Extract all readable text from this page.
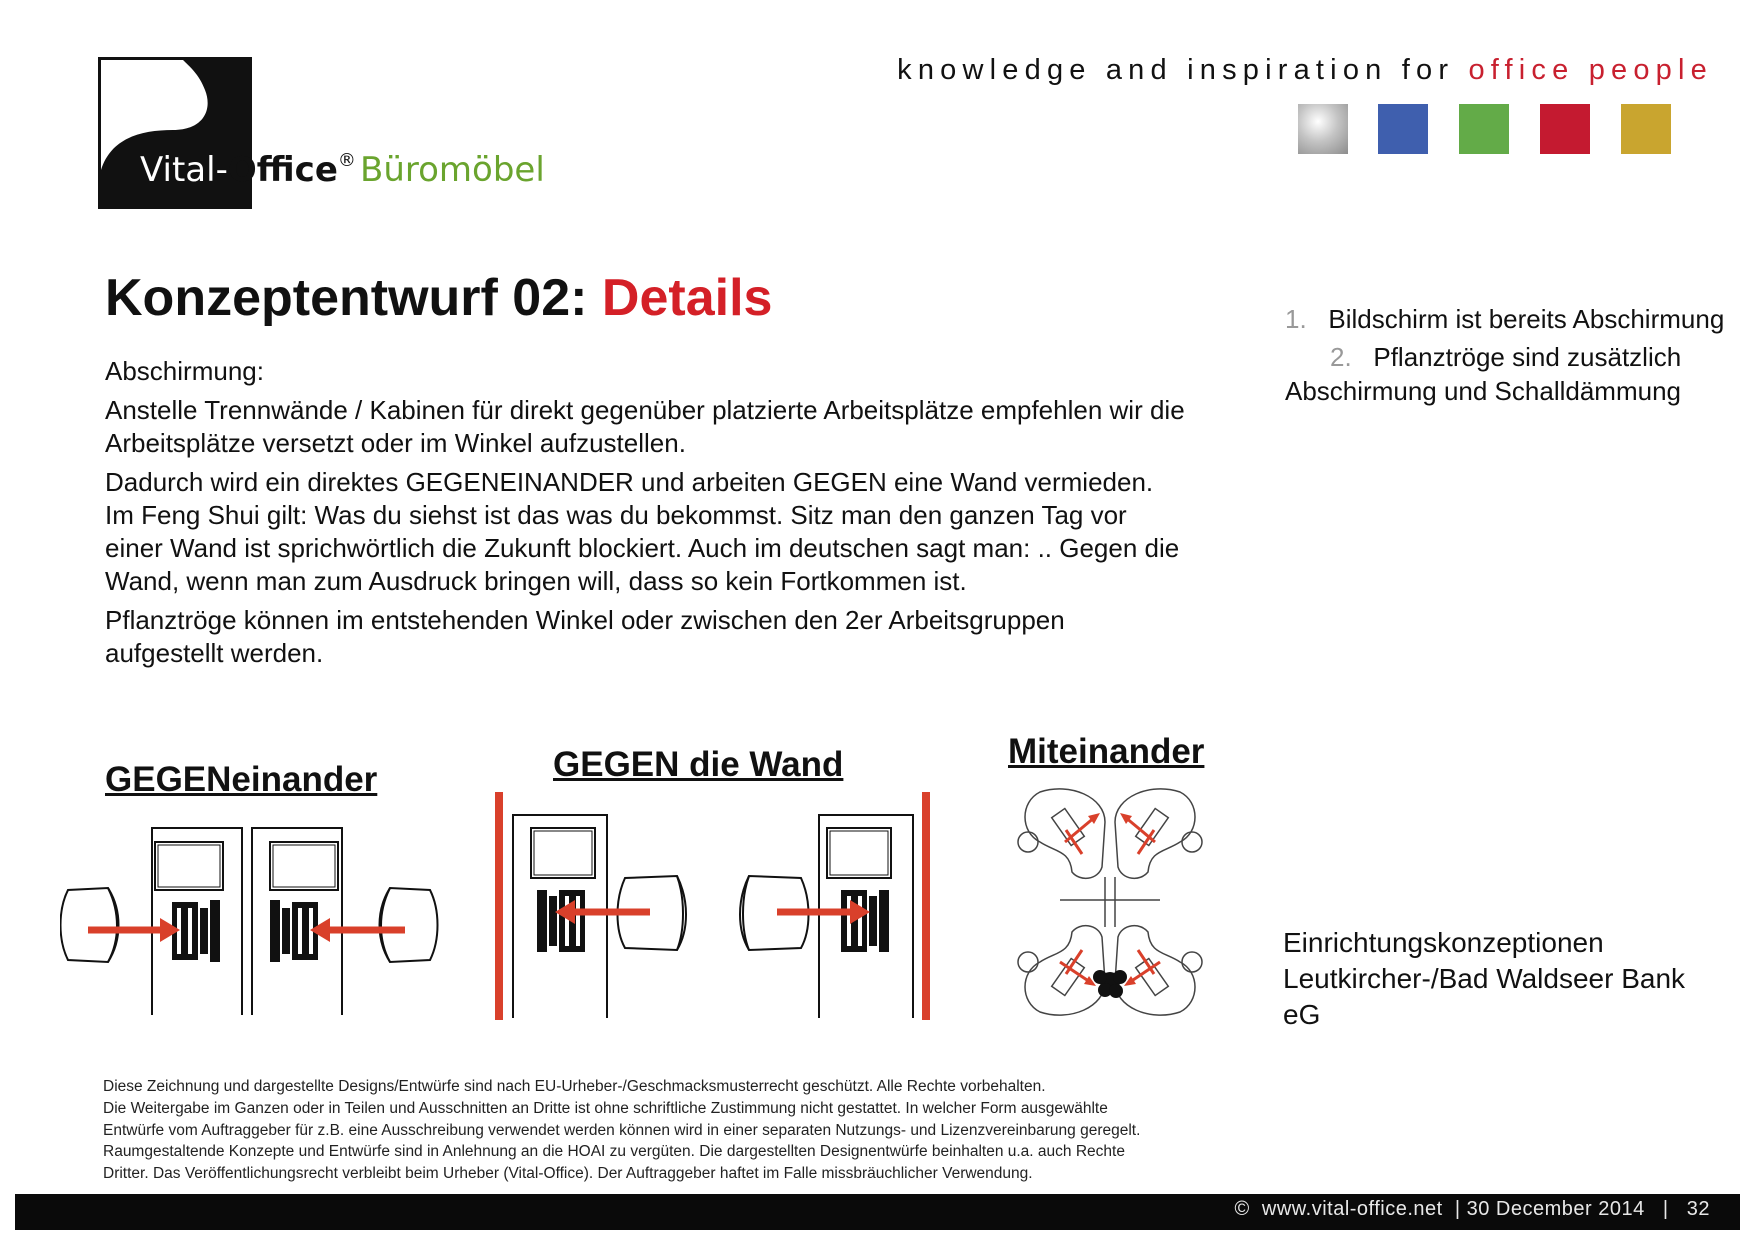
Vital-Office® Büromöbel
knowledge and inspiration for office people
Konzeptentwurf 02: Details

Abschirmung:

Anstelle Trennwände / Kabinen für direkt gegenüber platzierte Arbeitsplätze empfehlen wir die Arbeitsplätze versetzt oder im Winkel aufzustellen.

Dadurch wird ein direktes GEGENEINANDER und arbeiten GEGEN eine Wand vermieden. Im Feng Shui gilt: Was du siehst ist das was du bekommst. Sitz man den ganzen Tag vor einer Wand ist sprichwörtlich die Zukunft blockiert. Auch im deutschen sagt man: .. Gegen die Wand, wenn man zum Ausdruck bringen will, dass so kein Fortkommen ist.

Pflanztröge können im entstehenden Winkel oder zwischen den 2er Arbeitsgruppen aufgestellt werden.

1. Bildschirm ist bereits Abschirmung
2. Pflanztröge sind zusätzlich Abschirmung und Schalldämmung
GEGENeinander	GEGEN die Wand	Miteinander
Einrichtungskonzeptionen Leutkircher-/Bad Waldseer Bank eG
Diese Zeichnung und dargestellte Designs/Entwürfe sind nach EU-Urheber-/Geschmacksmusterrecht geschützt. Alle Rechte vorbehalten.
Die Weitergabe im Ganzen oder in Teilen und Ausschnitten an Dritte ist ohne schriftliche Zustimmung nicht gestattet. In welcher Form ausgewählte
Entwürfe vom Auftraggeber für z.B. eine Ausschreibung verwendet werden können wird in einer separaten Nutzungs- und Lizenzvereinbarung geregelt.
Raumgestaltende Konzepte und Entwürfe sind in Anlehnung an die HOAI zu vergüten. Die dargestellten Designentwürfe beinhalten u.a. auch Rechte
Dritter. Das Veröffentlichungsrecht verbleibt beim Urheber (Vital-Office). Der Auftraggeber haftet im Falle missbräuchlicher Verwendung.
© www.vital-office.net  | 30 December 2014   |   32
